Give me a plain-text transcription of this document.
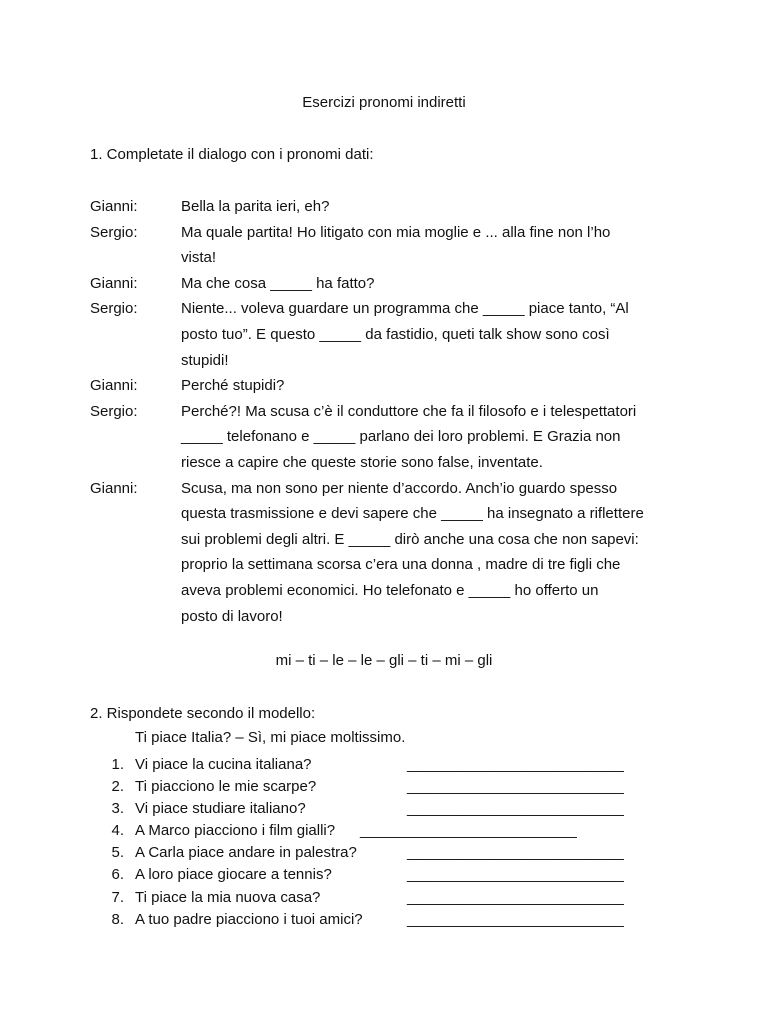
Esercizi pronomi indiretti
1. Completate il dialogo con i pronomi dati:
Gianni:	Bella la parita ieri, eh?
Sergio:	Ma quale partita! Ho litigato con mia moglie e ... alla fine non l’ho
vista!
Gianni:	Ma che cosa _____ ha fatto?
Sergio:	Niente... voleva guardare un programma che _____ piace tanto, “Al
posto tuo”. E questo _____ da fastidio, queti talk show sono così
stupidi!
Gianni:	Perché stupidi?
Sergio:	Perché?! Ma scusa c’è il conduttore che fa il filosofo e i telespettatori
_____ telefonano e _____ parlano dei loro problemi. E Grazia non
riesce a capire che queste storie sono false, inventate.
Gianni:	Scusa, ma non sono per niente d’accordo. Anch’io guardo spesso
questa trasmissione e devi sapere che _____ ha insegnato a riflettere
sui problemi degli altri. E _____ dirò anche una cosa che non sapevi:
proprio la settimana scorsa c’era una donna , madre di tre figli che
aveva problemi economici. Ho telefonato e _____ ho offerto un
posto di lavoro!
mi – ti – le – le – gli – ti – mi – gli
2. Rispondete secondo il modello:
Ti piace Italia? – Sì, mi piace moltissimo.
1. Vi piace la cucina italiana?	__________________________
2. Ti piacciono le mie scarpe?	__________________________
3. Vi piace studiare italiano?	__________________________
4. A Marco piacciono i film gialli? __________________________
5. A Carla piace andare in palestra?	__________________________
6. A loro piace giocare a tennis?	__________________________
7. Ti piace la mia nuova casa?	__________________________
8. A tuo padre piacciono i tuoi amici?	__________________________
